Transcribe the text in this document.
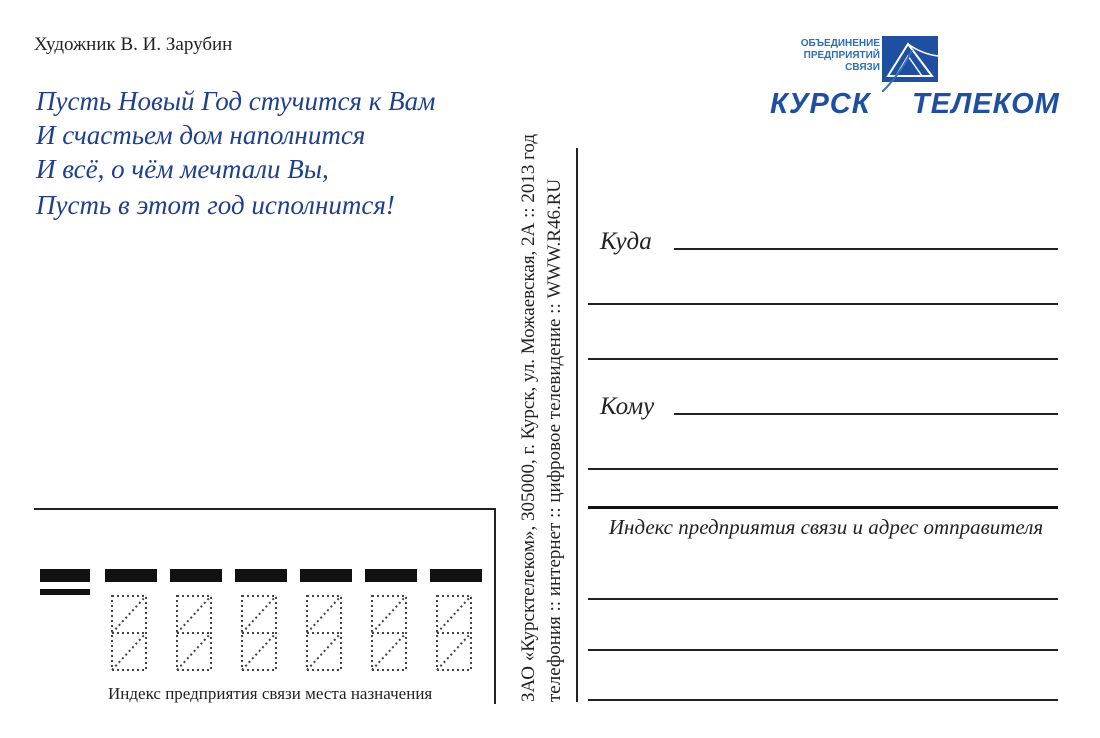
Художник В. И. Зарубин
Пусть Новый Год стучится к Вам
И счастьем дом наполнится
И всё, о чём мечтали Вы,
Пусть в этот год исполнится!	ЗАО «Курсктелеком», 305000, г. Курск, ул. Можаевская, 2А :: 2013 год телефония :: интернет :: цифровое телевидение :: WWW.R46.RU
ОБЪЕДИНЕНИЕ
ПРЕДПРИЯТИЙ
СВЯЗИ
КУРСК ТЕЛЕКОМ
Куда
Кому
Индекс предприятия связи и адрес отправителя
Индекс предприятия связи места назначения
